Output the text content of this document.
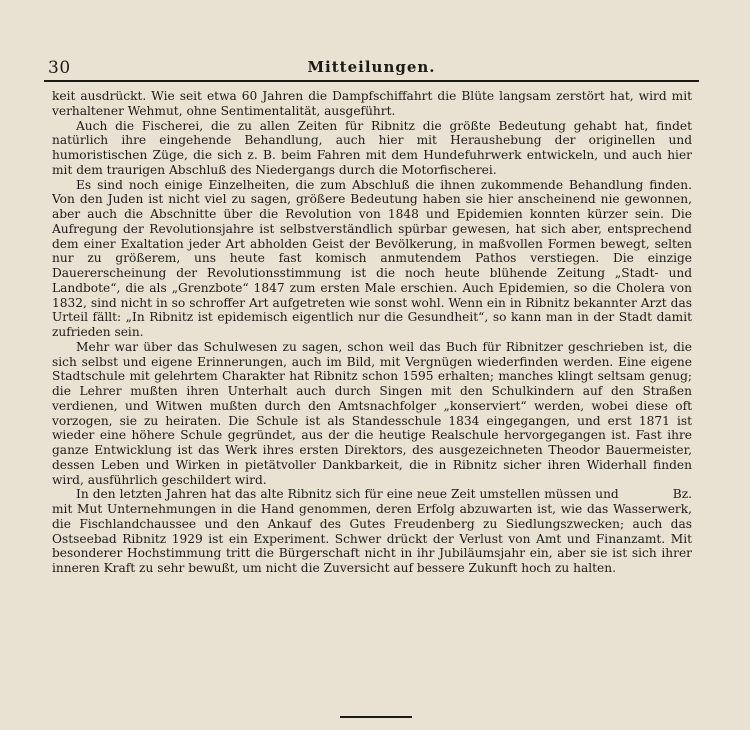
30	Mitteilungen.

keit ausdrückt. Wie seit etwa 60 Jahren die Dampfschiffahrt die Blüte langsam zerstört hat, wird mit verhaltener Wehmut, ohne Sentimentalität, ausgeführt.

Auch die Fischerei, die zu allen Zeiten für Ribnitz die größte Bedeutung gehabt hat, findet natürlich ihre eingehende Behandlung, auch hier mit Heraushebung der originellen und humoristischen Züge, die sich z. B. beim Fahren mit dem Hundefuhrwerk entwickeln, und auch hier mit dem traurigen Abschluß des Niedergangs durch die Motorfischerei.

Es sind noch einige Einzelheiten, die zum Abschluß die ihnen zukommende Behandlung finden. Von den Juden ist nicht viel zu sagen, größere Bedeutung haben sie hier anscheinend nie gewonnen, aber auch die Abschnitte über die Revolution von 1848 und Epidemien konnten kürzer sein. Die Aufregung der Revolutionsjahre ist selbstverständlich spürbar gewesen, hat sich aber, entsprechend dem einer Exaltation jeder Art abholden Geist der Bevölkerung, in maßvollen Formen bewegt, selten nur zu größerem, uns heute fast komisch anmutendem Pathos verstiegen. Die einzige Dauererscheinung der Revolutionsstimmung ist die noch heute blühende Zeitung „Stadt- und Landbote“, die als „Grenzbote“ 1847 zum ersten Male erschien. Auch Epidemien, so die Cholera von 1832, sind nicht in so schroffer Art aufgetreten wie sonst wohl. Wenn ein in Ribnitz bekannter Arzt das Urteil fällt: „In Ribnitz ist epidemisch eigentlich nur die Gesundheit“, so kann man in der Stadt damit zufrieden sein.

Mehr war über das Schulwesen zu sagen, schon weil das Buch für Ribnitzer geschrieben ist, die sich selbst und eigene Erinnerungen, auch im Bild, mit Vergnügen wiederfinden werden. Eine eigene Stadtschule mit gelehrtem Charakter hat Ribnitz schon 1595 erhalten; manches klingt seltsam genug; die Lehrer mußten ihren Unterhalt auch durch Singen mit den Schulkindern auf den Straßen verdienen, und Witwen mußten durch den Amtsnachfolger „konserviert“ werden, wobei diese oft vorzogen, sie zu heiraten. Die Schule ist als Standesschule 1834 eingegangen, und erst 1871 ist wieder eine höhere Schule gegründet, aus der die heutige Realschule hervorgegangen ist. Fast ihre ganze Entwicklung ist das Werk ihres ersten Direktors, des ausgezeichneten Theodor Bauermeister, dessen Leben und Wirken in pietätvoller Dankbarkeit, die in Ribnitz sicher ihren Widerhall finden wird, ausführlich geschildert wird.

Bz.
In den letzten Jahren hat das alte Ribnitz sich für eine neue Zeit umstellen müssen und mit Mut Unternehmungen in die Hand genommen, deren Erfolg abzuwarten ist, wie das Wasserwerk, die Fischlandchaussee und den Ankauf des Gutes Freudenberg zu Siedlungszwecken; auch das Ostseebad Ribnitz 1929 ist ein Experiment. Schwer drückt der Verlust von Amt und Finanzamt. Mit besonderer Hochstimmung tritt die Bürgerschaft nicht in ihr Jubiläumsjahr ein, aber sie ist sich ihrer inneren Kraft zu sehr bewußt, um nicht die Zuversicht auf bessere Zukunft hoch zu halten.
